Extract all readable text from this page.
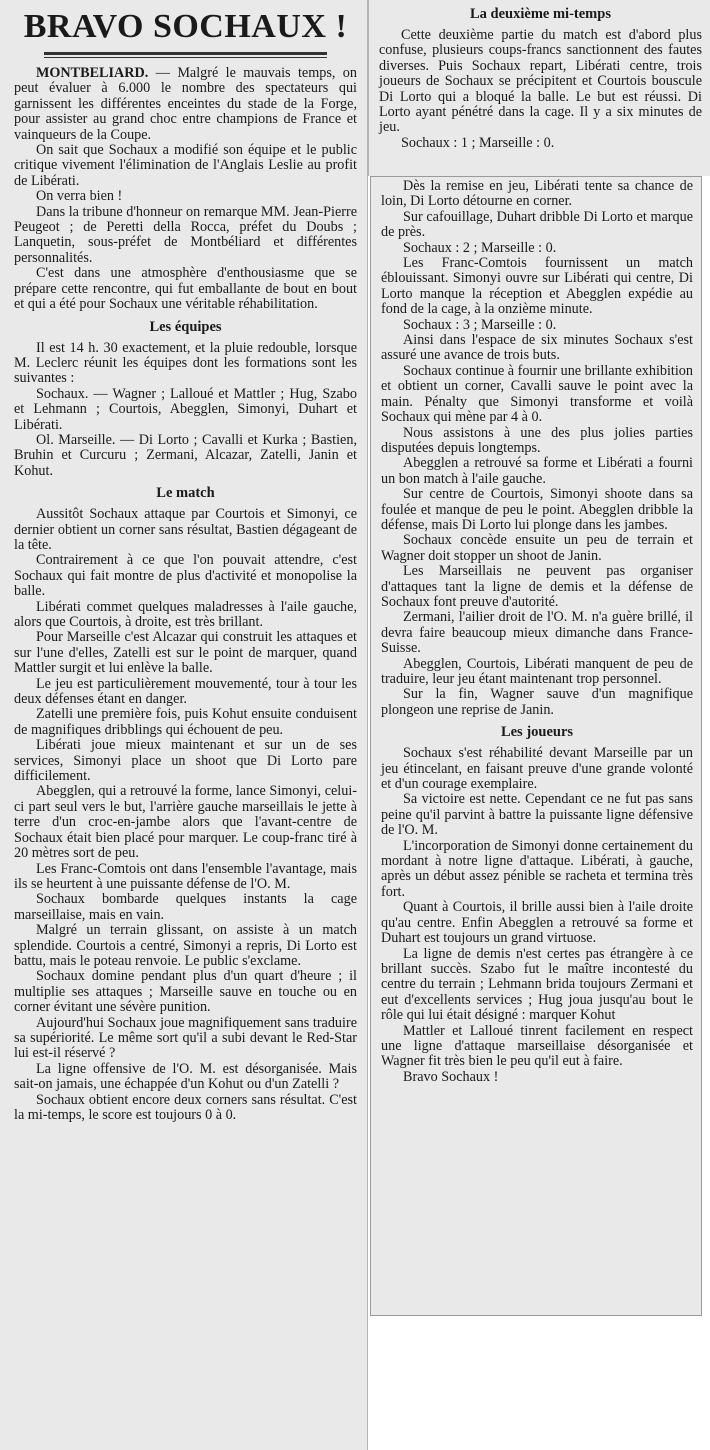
BRAVO SOCHAUX !

MONTBELIARD. — Malgré le mauvais temps, on peut évaluer à 6.000 le nombre des spectateurs qui garnissent les différentes enceintes du stade de la Forge, pour assister au grand choc entre champions de France et vainqueurs de la Coupe.

On sait que Sochaux a modifié son équipe et le public critique vivement l'élimination de l'Anglais Leslie au profit de Libérati.

On verra bien !

Dans la tribune d'honneur on remarque MM. Jean-Pierre Peugeot ; de Peretti della Rocca, préfet du Doubs ; Lanquetin, sous-préfet de Montbéliard et différentes personnalités.

C'est dans une atmosphère d'enthousiasme que se prépare cette rencontre, qui fut emballante de bout en bout et qui a été pour Sochaux une véritable réhabilitation.

Les équipes

Il est 14 h. 30 exactement, et la pluie redouble, lorsque M. Leclerc réunit les équipes dont les formations sont les suivantes :

Sochaux. — Wagner ; Lalloué et Mattler ; Hug, Szabo et Lehmann ; Courtois, Abegglen, Simonyi, Duhart et Libérati.

Ol. Marseille. — Di Lorto ; Cavalli et Kurka ; Bastien, Bruhin et Curcuru ; Zermani, Alcazar, Zatelli, Janin et Kohut.

Le match

Aussitôt Sochaux attaque par Courtois et Simonyi, ce dernier obtient un corner sans résultat, Bastien dégageant de la tête.

Contrairement à ce que l'on pouvait attendre, c'est Sochaux qui fait montre de plus d'activité et monopolise la balle.

Libérati commet quelques maladresses à l'aile gauche, alors que Courtois, à droite, est très brillant.

Pour Marseille c'est Alcazar qui construit les attaques et sur l'une d'elles, Zatelli est sur le point de marquer, quand Mattler surgit et lui enlève la balle.

Le jeu est particulièrement mouvementé, tour à tour les deux défenses étant en danger.

Zatelli une première fois, puis Kohut ensuite conduisent de magnifiques dribblings qui échouent de peu.

Libérati joue mieux maintenant et sur un de ses services, Simonyi place un shoot que Di Lorto pare difficilement.

Abegglen, qui a retrouvé la forme, lance Simonyi, celui-ci part seul vers le but, l'arrière gauche marseillais le jette à terre d'un croc-en-jambe alors que l'avant-centre de Sochaux était bien placé pour marquer. Le coup-franc tiré à 20 mètres sort de peu.

Les Franc-Comtois ont dans l'ensemble l'avantage, mais ils se heurtent à une puissante défense de l'O. M.

Sochaux bombarde quelques instants la cage marseillaise, mais en vain.

Malgré un terrain glissant, on assiste à un match splendide. Courtois a centré, Simonyi a repris, Di Lorto est battu, mais le poteau renvoie. Le public s'exclame.

Sochaux domine pendant plus d'un quart d'heure ; il multiplie ses attaques ; Marseille sauve en touche ou en corner évitant une sévère punition.

Aujourd'hui Sochaux joue magnifiquement sans traduire sa supériorité. Le même sort qu'il a subi devant le Red-Star lui est-il réservé ?

La ligne offensive de l'O. M. est désorganisée. Mais sait-on jamais, une échappée d'un Kohut ou d'un Zatelli ?

Sochaux obtient encore deux corners sans résultat. C'est la mi-temps, le score est toujours 0 à 0.

La deuxième mi-temps

Cette deuxième partie du match est d'abord plus confuse, plusieurs coups-francs sanctionnent des fautes diverses. Puis Sochaux repart, Libérati centre, trois joueurs de Sochaux se précipitent et Courtois bouscule Di Lorto qui a bloqué la balle. Le but est réussi. Di Lorto ayant pénétré dans la cage. Il y a six minutes de jeu.

Sochaux : 1 ; Marseille : 0.

Dès la remise en jeu, Libérati tente sa chance de loin, Di Lorto détourne en corner.

Sur cafouillage, Duhart dribble Di Lorto et marque de près.

Sochaux : 2 ; Marseille : 0.

Les Franc-Comtois fournissent un match éblouissant. Simonyi ouvre sur Libérati qui centre, Di Lorto manque la réception et Abegglen expédie au fond de la cage, à la onzième minute.

Sochaux : 3 ; Marseille : 0.

Ainsi dans l'espace de six minutes Sochaux s'est assuré une avance de trois buts.

Sochaux continue à fournir une brillante exhibition et obtient un corner, Cavalli sauve le point avec la main. Pénalty que Simonyi transforme et voilà Sochaux qui mène par 4 à 0.

Nous assistons à une des plus jolies parties disputées depuis longtemps.

Abegglen a retrouvé sa forme et Libérati a fourni un bon match à l'aile gauche.

Sur centre de Courtois, Simonyi shoote dans sa foulée et manque de peu le point. Abegglen dribble la défense, mais Di Lorto lui plonge dans les jambes.

Sochaux concède ensuite un peu de terrain et Wagner doit stopper un shoot de Janin.

Les Marseillais ne peuvent pas organiser d'attaques tant la ligne de demis et la défense de Sochaux font preuve d'autorité.

Zermani, l'ailier droit de l'O. M. n'a guère brillé, il devra faire beaucoup mieux dimanche dans France-Suisse.

Abegglen, Courtois, Libérati manquent de peu de traduire, leur jeu étant maintenant trop personnel.

Sur la fin, Wagner sauve d'un magnifique plongeon une reprise de Janin.

Les joueurs

Sochaux s'est réhabilité devant Marseille par un jeu étincelant, en faisant preuve d'une grande volonté et d'un courage exemplaire.

Sa victoire est nette. Cependant ce ne fut pas sans peine qu'il parvint à battre la puissante ligne défensive de l'O. M.

L'incorporation de Simonyi donne certainement du mordant à notre ligne d'attaque. Libérati, à gauche, après un début assez pénible se racheta et termina très fort.

Quant à Courtois, il brille aussi bien à l'aile droite qu'au centre. Enfin Abegglen a retrouvé sa forme et Duhart est toujours un grand virtuose.

La ligne de demis n'est certes pas étrangère à ce brillant succès. Szabo fut le maître incontesté du centre du terrain ; Lehmann brida toujours Zermani et eut d'excellents services ; Hug joua jusqu'au bout le rôle qui lui était désigné : marquer Kohut

Mattler et Lalloué tinrent facilement en respect une ligne d'attaque marseillaise désorganisée et Wagner fit très bien le peu qu'il eut à faire.

Bravo Sochaux !
